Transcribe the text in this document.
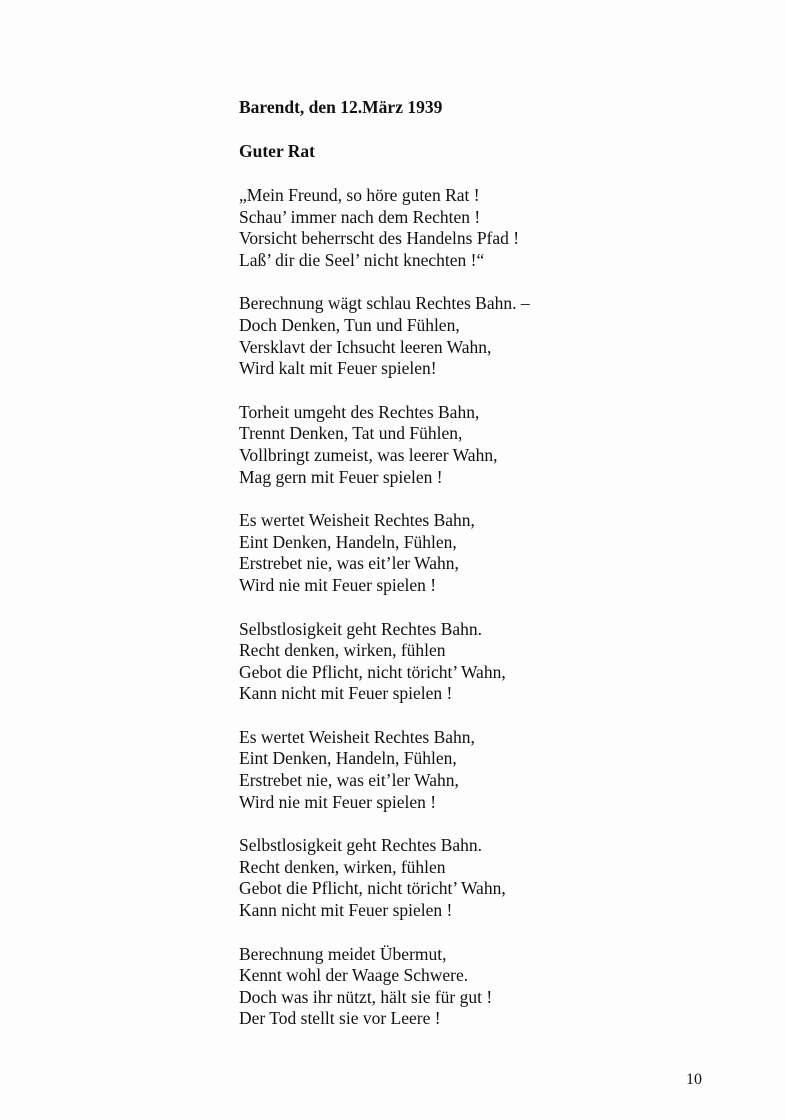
Barendt, den 12.März 1939

Guter Rat

„Mein Freund, so höre guten Rat !
Schau’ immer nach dem Rechten !
Vorsicht beherrscht des Handelns Pfad !
Laß’ dir die Seel’ nicht knechten !“
Berechnung wägt schlau Rechtes Bahn. –
Doch Denken, Tun und Fühlen,
Versklavt der Ichsucht leeren Wahn,
Wird kalt mit Feuer spielen!
Torheit umgeht des Rechtes Bahn,
Trennt Denken, Tat und Fühlen,
Vollbringt zumeist, was leerer Wahn,
Mag gern mit Feuer spielen !
Es wertet Weisheit Rechtes Bahn,
Eint Denken, Handeln, Fühlen,
Erstrebet nie, was eit’ler Wahn,
Wird nie mit Feuer spielen !
Selbstlosigkeit geht Rechtes Bahn.
Recht denken, wirken, fühlen
Gebot die Pflicht, nicht töricht’ Wahn,
Kann nicht mit Feuer spielen !
Es wertet Weisheit Rechtes Bahn,
Eint Denken, Handeln, Fühlen,
Erstrebet nie, was eit’ler Wahn,
Wird nie mit Feuer spielen !
Selbstlosigkeit geht Rechtes Bahn.
Recht denken, wirken, fühlen
Gebot die Pflicht, nicht töricht’ Wahn,
Kann nicht mit Feuer spielen !
Berechnung meidet Übermut,
Kennt wohl der Waage Schwere.
Doch was ihr nützt, hält sie für gut !
Der Tod stellt sie vor Leere !
10
